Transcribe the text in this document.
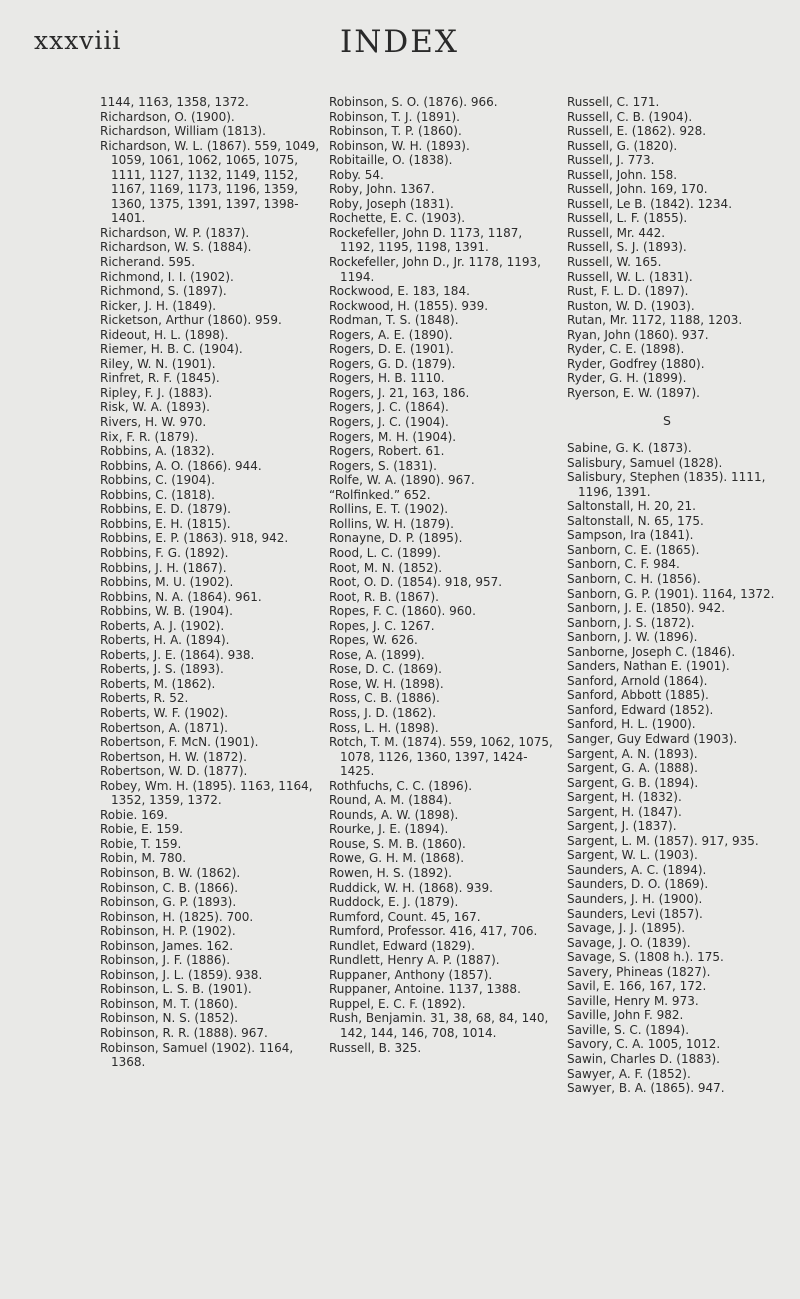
xxxviii	INDEX

1144, 1163, 1358, 1372.

Richardson, O. (1900).

Richardson, William (1813).

Richardson, W. L. (1867). 559, 1049, 1059, 1061, 1062, 1065, 1075, 1111, 1127, 1132, 1149, 1152, 1167, 1169, 1173, 1196, 1359, 1360, 1375, 1391, 1397, 1398-1401.

Richardson, W. P. (1837).

Richardson, W. S. (1884).

Richerand. 595.

Richmond, I. I. (1902).

Richmond, S. (1897).

Ricker, J. H. (1849).

Ricketson, Arthur (1860). 959.

Rideout, H. L. (1898).

Riemer, H. B. C. (1904).

Riley, W. N. (1901).

Rinfret, R. F. (1845).

Ripley, F. J. (1883).

Risk, W. A. (1893).

Rivers, H. W. 970.

Rix, F. R. (1879).

Robbins, A. (1832).

Robbins, A. O. (1866). 944.

Robbins, C. (1904).

Robbins, C. (1818).

Robbins, E. D. (1879).

Robbins, E. H. (1815).

Robbins, E. P. (1863). 918, 942.

Robbins, F. G. (1892).

Robbins, J. H. (1867).

Robbins, M. U. (1902).

Robbins, N. A. (1864). 961.

Robbins, W. B. (1904).

Roberts, A. J. (1902).

Roberts, H. A. (1894).

Roberts, J. E. (1864). 938.

Roberts, J. S. (1893).

Roberts, M. (1862).

Roberts, R. 52.

Roberts, W. F. (1902).

Robertson, A. (1871).

Robertson, F. McN. (1901).

Robertson, H. W. (1872).

Robertson, W. D. (1877).

Robey, Wm. H. (1895). 1163, 1164, 1352, 1359, 1372.

Robie. 169.

Robie, E. 159.

Robie, T. 159.

Robin, M. 780.

Robinson, B. W. (1862).

Robinson, C. B. (1866).

Robinson, G. P. (1893).

Robinson, H. (1825). 700.

Robinson, H. P. (1902).

Robinson, James. 162.

Robinson, J. F. (1886).

Robinson, J. L. (1859). 938.

Robinson, L. S. B. (1901).

Robinson, M. T. (1860).

Robinson, N. S. (1852).

Robinson, R. R. (1888). 967.

Robinson, Samuel (1902). 1164, 1368.

Robinson, S. O. (1876). 966.

Robinson, T. J. (1891).

Robinson, T. P. (1860).

Robinson, W. H. (1893).

Robitaille, O. (1838).

Roby. 54.

Roby, John. 1367.

Roby, Joseph (1831).

Rochette, E. C. (1903).

Rockefeller, John D. 1173, 1187, 1192, 1195, 1198, 1391.

Rockefeller, John D., Jr. 1178, 1193, 1194.

Rockwood, E. 183, 184.

Rockwood, H. (1855). 939.

Rodman, T. S. (1848).

Rogers, A. E. (1890).

Rogers, D. E. (1901).

Rogers, G. D. (1879).

Rogers, H. B. 1110.

Rogers, J. 21, 163, 186.

Rogers, J. C. (1864).

Rogers, J. C. (1904).

Rogers, M. H. (1904).

Rogers, Robert. 61.

Rogers, S. (1831).

Rolfe, W. A. (1890). 967.

“Rolfinked.” 652.

Rollins, E. T. (1902).

Rollins, W. H. (1879).

Ronayne, D. P. (1895).

Rood, L. C. (1899).

Root, M. N. (1852).

Root, O. D. (1854). 918, 957.

Root, R. B. (1867).

Ropes, F. C. (1860). 960.

Ropes, J. C. 1267.

Ropes, W. 626.

Rose, A. (1899).

Rose, D. C. (1869).

Rose, W. H. (1898).

Ross, C. B. (1886).

Ross, J. D. (1862).

Ross, L. H. (1898).

Rotch, T. M. (1874). 559, 1062, 1075, 1078, 1126, 1360, 1397, 1424-1425.

Rothfuchs, C. C. (1896).

Round, A. M. (1884).

Rounds, A. W. (1898).

Rourke, J. E. (1894).

Rouse, S. M. B. (1860).

Rowe, G. H. M. (1868).

Rowen, H. S. (1892).

Ruddick, W. H. (1868). 939.

Ruddock, E. J. (1879).

Rumford, Count. 45, 167.

Rumford, Professor. 416, 417, 706.

Rundlet, Edward (1829).

Rundlett, Henry A. P. (1887).

Ruppaner, Anthony (1857).

Ruppaner, Antoine. 1137, 1388.

Ruppel, E. C. F. (1892).

Rush, Benjamin. 31, 38, 68, 84, 140, 142, 144, 146, 708, 1014.

Russell, B. 325.

Russell, C. 171.

Russell, C. B. (1904).

Russell, E. (1862). 928.

Russell, G. (1820).

Russell, J. 773.

Russell, John. 158.

Russell, John. 169, 170.

Russell, Le B. (1842). 1234.

Russell, L. F. (1855).

Russell, Mr. 442.

Russell, S. J. (1893).

Russell, W. 165.

Russell, W. L. (1831).

Rust, F. L. D. (1897).

Ruston, W. D. (1903).

Rutan, Mr. 1172, 1188, 1203.

Ryan, John (1860). 937.

Ryder, C. E. (1898).

Ryder, Godfrey (1880).

Ryder, G. H. (1899).

Ryerson, E. W. (1897).

S

Sabine, G. K. (1873).

Salisbury, Samuel (1828).

Salisbury, Stephen (1835). 1111, 1196, 1391.

Saltonstall, H. 20, 21.

Saltonstall, N. 65, 175.

Sampson, Ira (1841).

Sanborn, C. E. (1865).

Sanborn, C. F. 984.

Sanborn, C. H. (1856).

Sanborn, G. P. (1901). 1164, 1372.

Sanborn, J. E. (1850). 942.

Sanborn, J. S. (1872).

Sanborn, J. W. (1896).

Sanborne, Joseph C. (1846).

Sanders, Nathan E. (1901).

Sanford, Arnold (1864).

Sanford, Abbott (1885).

Sanford, Edward (1852).

Sanford, H. L. (1900).

Sanger, Guy Edward (1903).

Sargent, A. N. (1893).

Sargent, G. A. (1888).

Sargent, G. B. (1894).

Sargent, H. (1832).

Sargent, H. (1847).

Sargent, J. (1837).

Sargent, L. M. (1857). 917, 935.

Sargent, W. L. (1903).

Saunders, A. C. (1894).

Saunders, D. O. (1869).

Saunders, J. H. (1900).

Saunders, Levi (1857).

Savage, J. J. (1895).

Savage, J. O. (1839).

Savage, S. (1808 h.). 175.

Savery, Phineas (1827).

Savil, E. 166, 167, 172.

Saville, Henry M. 973.

Saville, John F. 982.

Saville, S. C. (1894).

Savory, C. A. 1005, 1012.

Sawin, Charles D. (1883).

Sawyer, A. F. (1852).

Sawyer, B. A. (1865). 947.
